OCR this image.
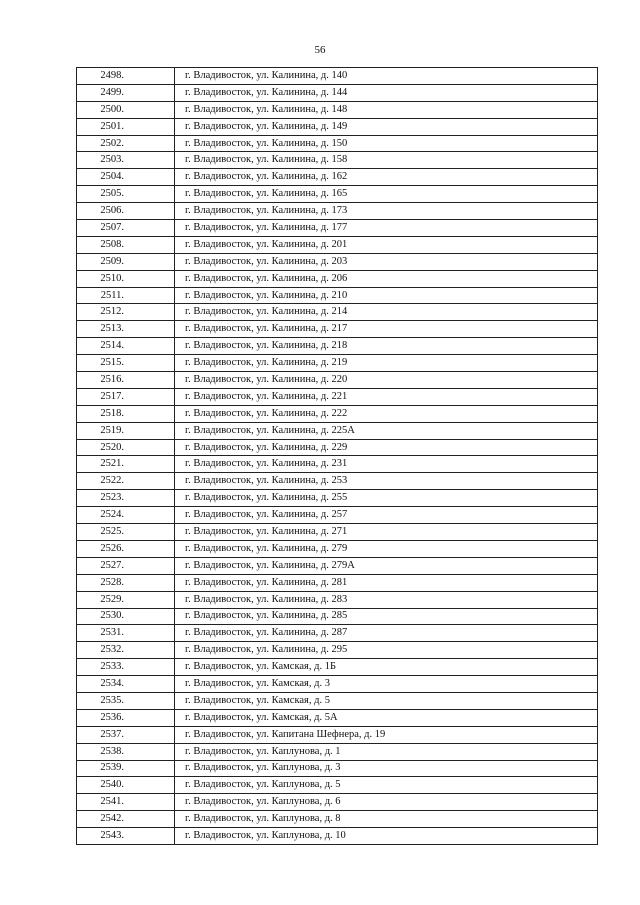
56
2498.	г. Владивосток, ул. Калинина, д. 140
2499.	г. Владивосток, ул. Калинина, д. 144
2500.	г. Владивосток, ул. Калинина, д. 148
2501.	г. Владивосток, ул. Калинина, д. 149
2502.	г. Владивосток, ул. Калинина, д. 150
2503.	г. Владивосток, ул. Калинина, д. 158
2504.	г. Владивосток, ул. Калинина, д. 162
2505.	г. Владивосток, ул. Калинина, д. 165
2506.	г. Владивосток, ул. Калинина, д. 173
2507.	г. Владивосток, ул. Калинина, д. 177
2508.	г. Владивосток, ул. Калинина, д. 201
2509.	г. Владивосток, ул. Калинина, д. 203
2510.	г. Владивосток, ул. Калинина, д. 206
2511.	г. Владивосток, ул. Калинина, д. 210
2512.	г. Владивосток, ул. Калинина, д. 214
2513.	г. Владивосток, ул. Калинина, д. 217
2514.	г. Владивосток, ул. Калинина, д. 218
2515.	г. Владивосток, ул. Калинина, д. 219
2516.	г. Владивосток, ул. Калинина, д. 220
2517.	г. Владивосток, ул. Калинина, д. 221
2518.	г. Владивосток, ул. Калинина, д. 222
2519.	г. Владивосток, ул. Калинина, д. 225А
2520.	г. Владивосток, ул. Калинина, д. 229
2521.	г. Владивосток, ул. Калинина, д. 231
2522.	г. Владивосток, ул. Калинина, д. 253
2523.	г. Владивосток, ул. Калинина, д. 255
2524.	г. Владивосток, ул. Калинина, д. 257
2525.	г. Владивосток, ул. Калинина, д. 271
2526.	г. Владивосток, ул. Калинина, д. 279
2527.	г. Владивосток, ул. Калинина, д. 279А
2528.	г. Владивосток, ул. Калинина, д. 281
2529.	г. Владивосток, ул. Калинина, д. 283
2530.	г. Владивосток, ул. Калинина, д. 285
2531.	г. Владивосток, ул. Калинина, д. 287
2532.	г. Владивосток, ул. Калинина, д. 295
2533.	г. Владивосток, ул. Камская, д. 1Б
2534.	г. Владивосток, ул. Камская, д. 3
2535.	г. Владивосток, ул. Камская, д. 5
2536.	г. Владивосток, ул. Камская, д. 5А
2537.	г. Владивосток, ул. Капитана Шефнера, д. 19
2538.	г. Владивосток, ул. Каплунова, д. 1
2539.	г. Владивосток, ул. Каплунова, д. 3
2540.	г. Владивосток, ул. Каплунова, д. 5
2541.	г. Владивосток, ул. Каплунова, д. 6
2542.	г. Владивосток, ул. Каплунова, д. 8
2543.	г. Владивосток, ул. Каплунова, д. 10
